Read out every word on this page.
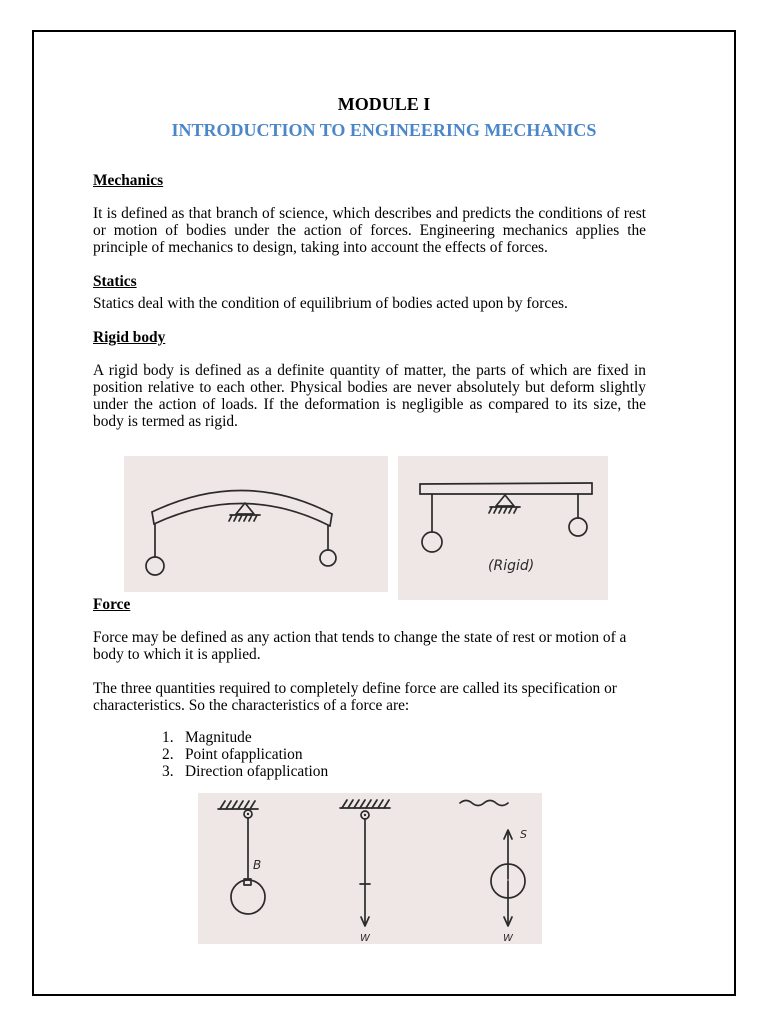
MODULE I
INTRODUCTION TO ENGINEERING MECHANICS
Mechanics

It is defined as that branch of science, which describes and predicts the conditions of rest or motion of bodies under the action of forces. Engineering mechanics applies the principle of mechanics to design, taking into account the effects of forces.

Statics

Statics deal with the condition of equilibrium of bodies acted upon by forces.

Rigid body

A rigid body is defined as a definite quantity of matter, the parts of which are fixed in position relative to each other. Physical bodies are never absolutely but deform slightly under the action of loads. If the deformation is negligible as compared to its size, the body is termed as rigid.

(Rigid)
Force

Force may be defined as any action that tends to change the state of rest or motion of a body to which it is applied.

The three quantities required to completely define force are called its specification or characteristics. So the characteristics of a force are:

1. Magnitude
2. Point ofapplication
3. Direction ofapplication
B
W
S
W
